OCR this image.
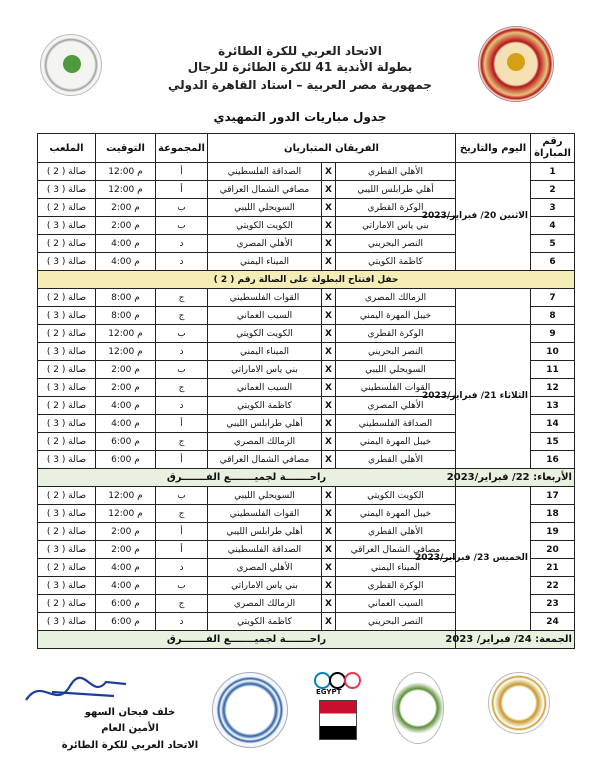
الاتحاد العربي للكرة الطائرة
بطولة الأندية 41 للكرة الطائرة للرجال
جمهورية مصر العربية – استاد القاهرة الدولي
جدول مباريات الدور التمهيدي
رقم المباراة	اليوم والتاريخ	الفريقان المتباريان			المجموعة	التوقيت	الملعب
1	الاثنين 20/ فبراير/2023	الأهلي القطري	X	الصداقة الفلسطيني	أ	12:00 م	صالة ( 2 )
2		أهلي طرابلس الليبي	X	مصافي الشمال العراقي	أ	12:00 م	صالة ( 3 )
3		الوكرة القطري	X	السويحلي الليبي	ب	2:00 م	صالة ( 2 )
4		بني ياس الاماراتي	X	الكويت الكويتي	ب	2:00 م	صالة ( 3 )
5		النصر البحريني	X	الأهلي المصري	د	4:00 م	صالة ( 2 )
6		كاظمة الكويتي	X	الميناء اليمني	د	4:00 م	صالة ( 3 )
حفل افتتاح البطولة على الصالة رقم ( 2 )							
7		الزمالك المصري	X	القوات الفلسطيني	ج	8:00 م	صالة ( 2 )
8		خيبل المهرة اليمني	X	السيب العماني	ج	8:00 م	صالة ( 3 )
9	الثلاثاء 21/ فبراير/2023	الوكرة القطري	X	الكويت الكويتي	ب	12:00 م	صالة ( 2 )
10		النصر البحريني	X	الميناء اليمني	د	12:00 م	صالة ( 3 )
11		السويحلي الليبي	X	بني ياس الاماراتي	ب	2:00 م	صالة ( 2 )
12		القوات الفلسطيني	X	السيب العماني	ج	2:00 م	صالة ( 3 )
13		الأهلي المصري	X	كاظمة الكويتي	د	4:00 م	صالة ( 2 )
14		الصداقة الفلسطيني	X	أهلي طرابلس الليبي	أ	4:00 م	صالة ( 3 )
15		خيبل المهرة اليمني	X	الزمالك المصري	ج	6:00 م	صالة ( 2 )
16		الأهلي القطري	X	مصافي الشمال العراقي	أ	6:00 م	صالة ( 3 )
الأربعاء: 22/ فبراير/2023		راحـــــــة لجميـــــــع الفـــــــرق					
17	الخميس 23/ فبراير/2023	الكويت الكويتي	X	السويحلي الليبي	ب	12:00 م	صالة ( 2 )
18		خيبل المهرة اليمني	X	القوات الفلسطيني	ج	12:00 م	صالة ( 3 )
19		الأهلي القطري	X	أهلي طرابلس الليبي	أ	2:00 م	صالة ( 2 )
20		مصافي الشمال العراقي	X	الصداقة الفلسطيني	أ	2:00 م	صالة ( 3 )
21		الميناء اليمني	X	الأهلي المصري	د	4:00 م	صالة ( 2 )
22		الوكرة القطري	X	بني ياس الاماراتي	ب	4:00 م	صالة ( 3 )
23		السيب العماني	X	الزمالك المصري	ج	6:00 م	صالة ( 2 )
24		النصر البحريني	X	كاظمة الكويتي	د	6:00 م	صالة ( 3 )
الجمعة: 24/ فبراير/ 2023		راحـــــــة لجميـــــــع الفـــــــرق					
خلف فيحان السهو
الأمين العام
الاتحاد العربي للكرة الطائرة
EGYPT
